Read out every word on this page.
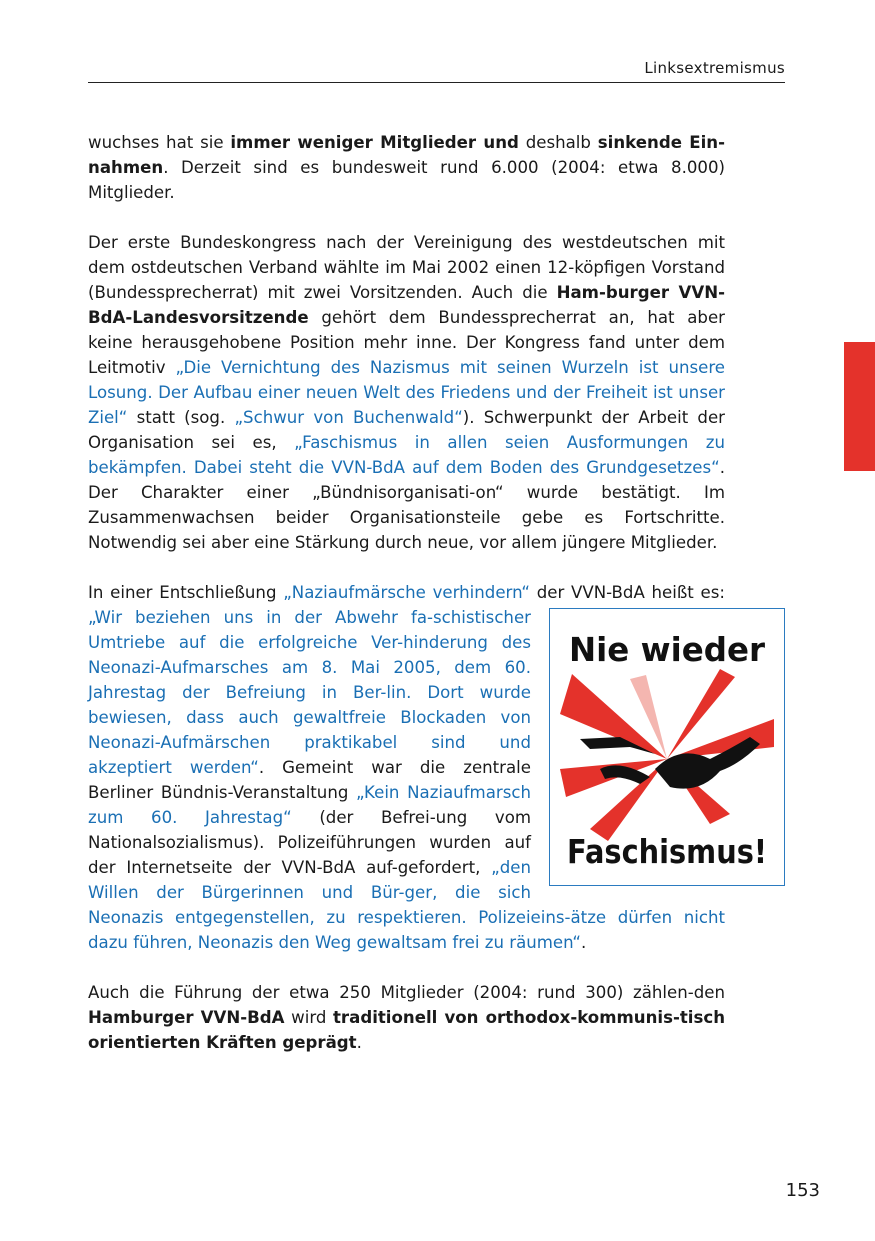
Linksextremismus

wuchses hat sie immer weniger Mitglieder und deshalb sinkende Ein-nahmen. Derzeit sind es bundesweit rund 6.000 (2004: etwa 8.000) Mitglieder.

Der erste Bundeskongress nach der Vereinigung des westdeutschen mit dem ostdeutschen Verband wählte im Mai 2002 einen 12-köpfigen Vorstand (Bundessprecherrat) mit zwei Vorsitzenden. Auch die Ham-burger VVN-BdA-Landesvorsitzende gehört dem Bundessprecherrat an, hat aber keine herausgehobene Position mehr inne. Der Kongress fand unter dem Leitmotiv „Die Vernichtung des Nazismus mit seinen Wurzeln ist unsere Losung. Der Aufbau einer neuen Welt des Friedens und der Freiheit ist unser Ziel“ statt (sog. „Schwur von Buchenwald“). Schwerpunkt der Arbeit der Organisation sei es, „Faschismus in allen seien Ausformungen zu bekämpfen. Dabei steht die VVN-BdA auf dem Boden des Grundgesetzes“. Der Charakter einer „Bündnisorganisati-on“ wurde bestätigt. Im Zusammenwachsen beider Organisationsteile gebe es Fortschritte. Notwendig sei aber eine Stärkung durch neue, vor allem jüngere Mitglieder.

In einer Entschließung „Naziaufmärsche verhindern“ der VVN-BdA heißt es:
Nie wieder
Faschismus!
„Wir beziehen uns in der Abwehr fa-schistischer Umtriebe auf die erfolgreiche Ver-hinderung des Neonazi-Aufmarsches am 8. Mai 2005, dem 60. Jahrestag der Befreiung in Ber-lin. Dort wurde bewiesen, dass auch gewaltfreie Blockaden von Neonazi-Aufmärschen praktikabel sind und akzeptiert werden“. Gemeint war die zentrale Berliner Bündnis-Veranstaltung „Kein Naziaufmarsch zum 60. Jahrestag“ (der Befrei-ung vom Nationalsozialismus). Polizeiführungen wurden auf der Internetseite der VVN-BdA auf-gefordert, „den Willen der Bürgerinnen und Bür-ger, die sich Neonazis entgegenstellen, zu respektieren. Polizeieins-ätze dürfen nicht dazu führen, Neonazis den Weg gewaltsam frei zu räumen“.

Auch die Führung der etwa 250 Mitglieder (2004: rund 300) zählen-den Hamburger VVN-BdA wird traditionell von orthodox-kommunis-tisch orientierten Kräften geprägt.

153
